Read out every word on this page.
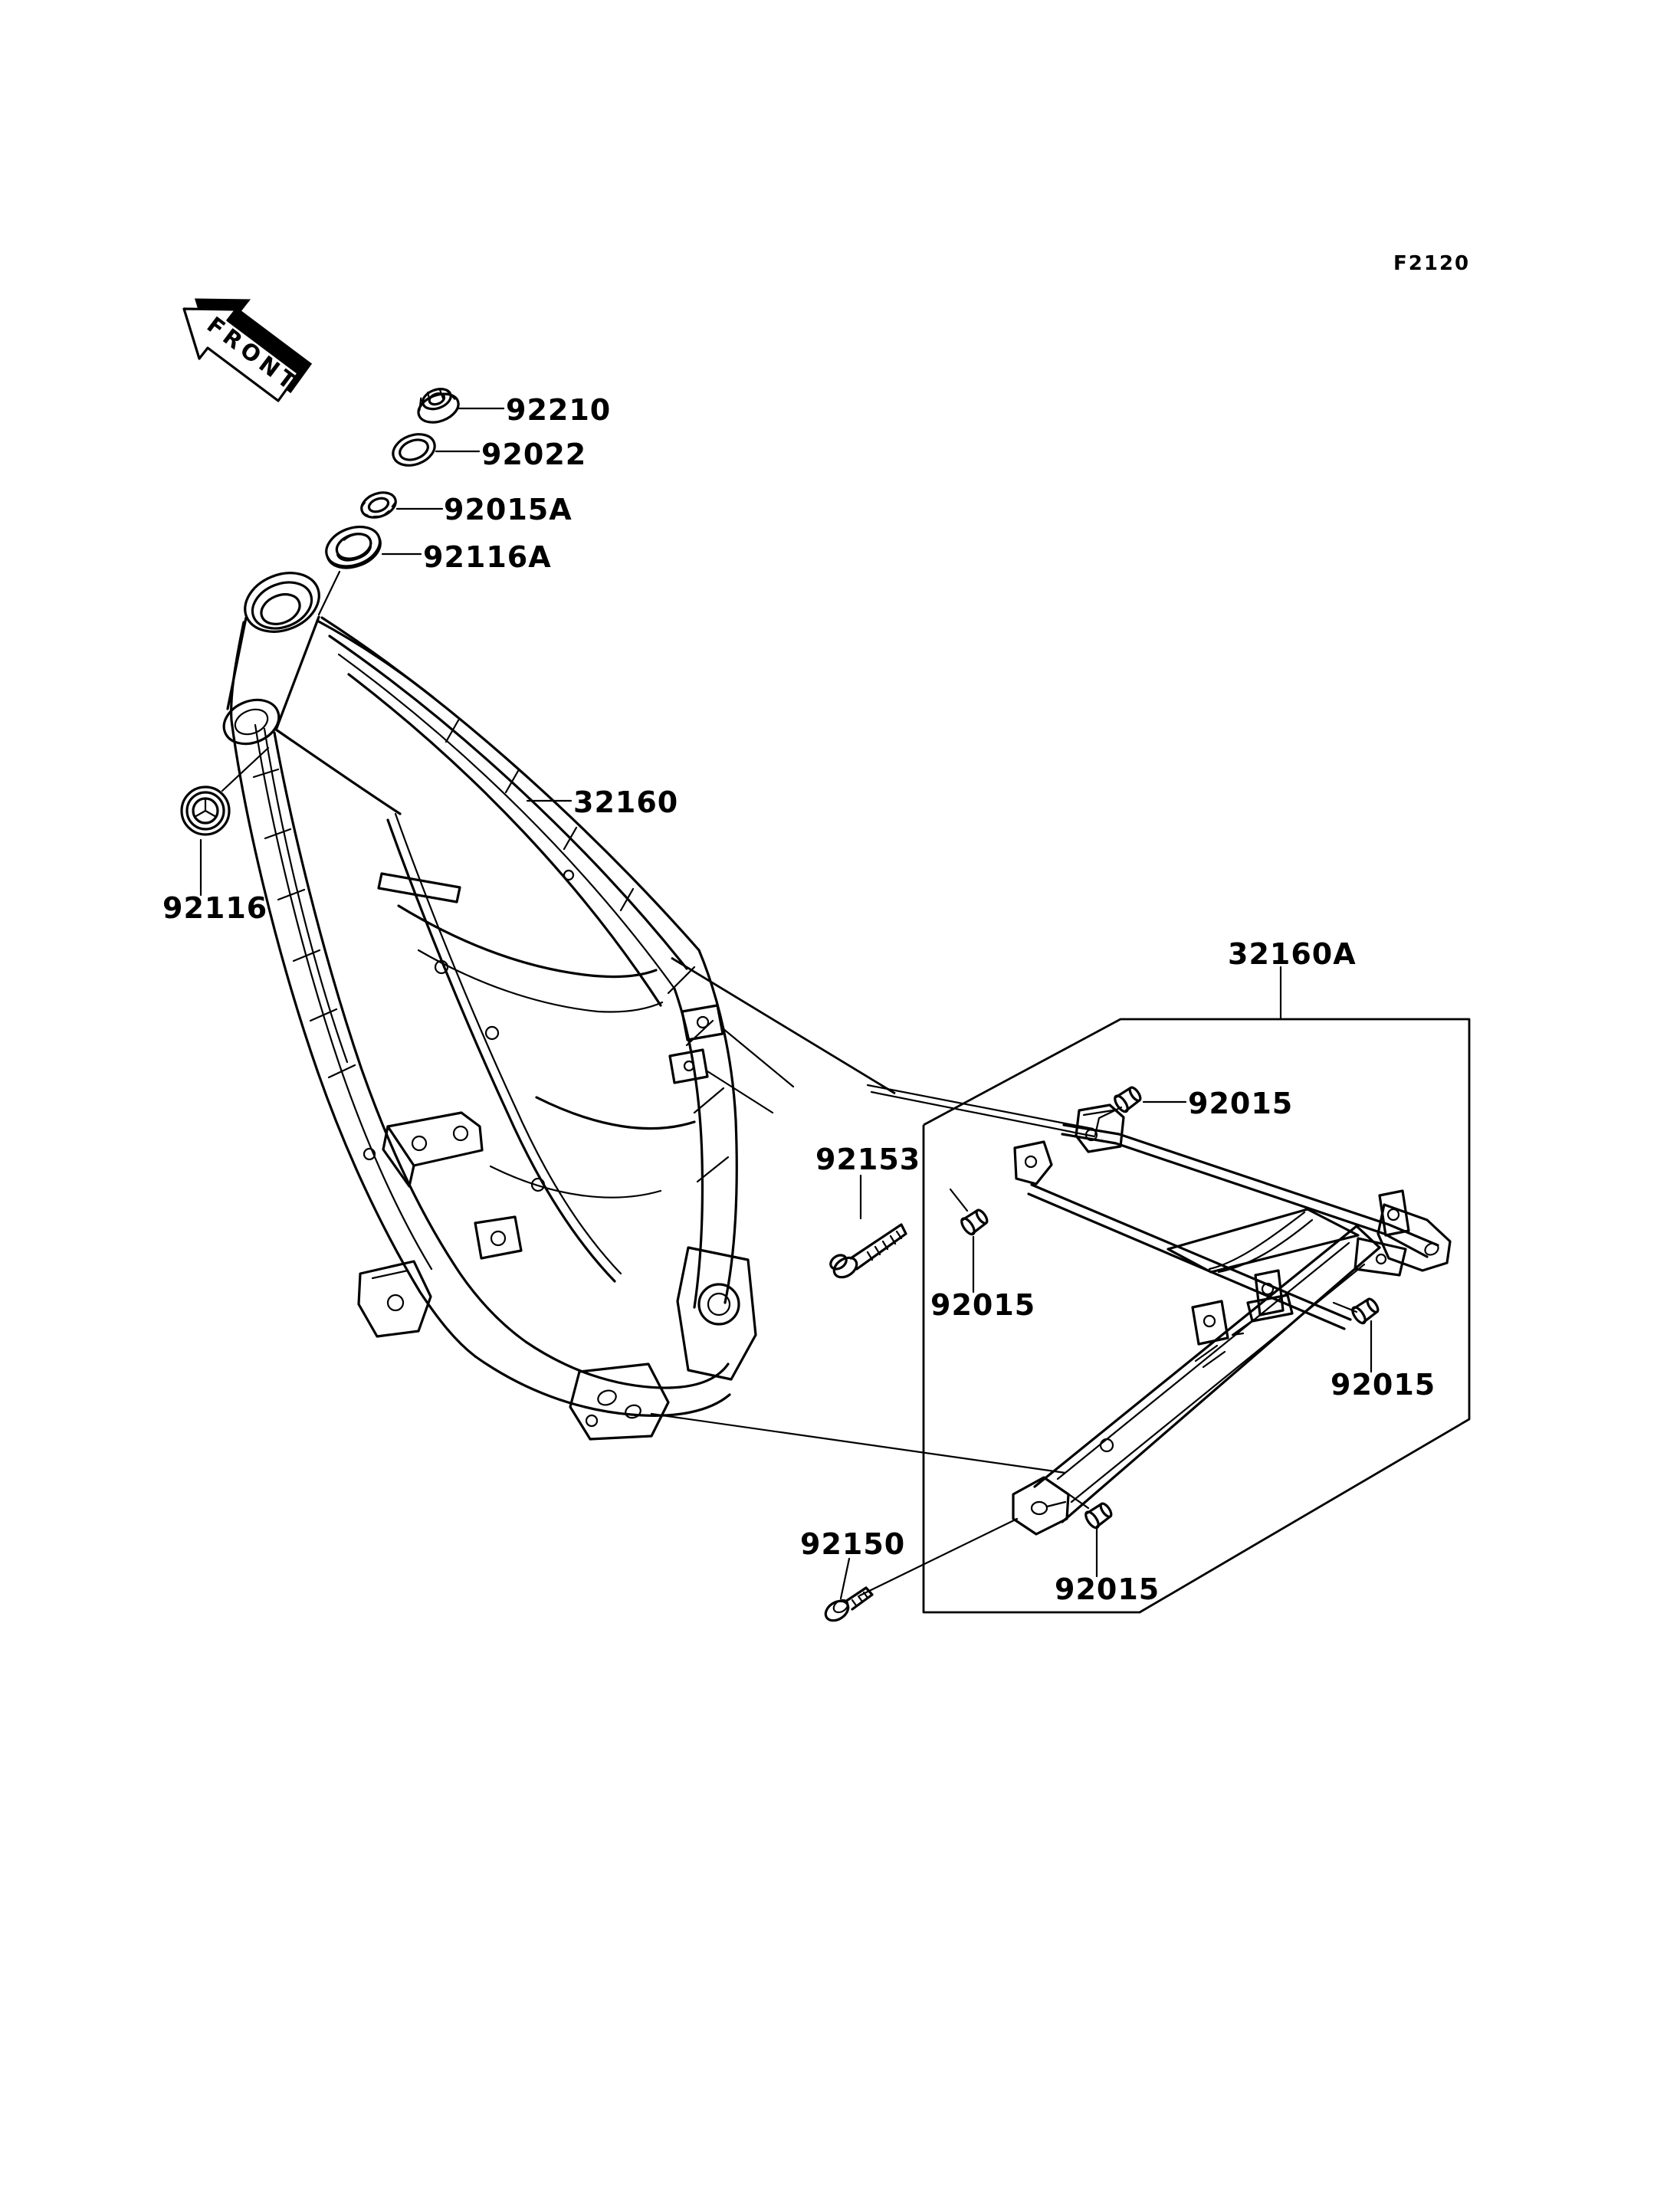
FRONT
F2120
92210
92022
92015A
92116A
32160
92116
32160A
92015
92153
92015
92015
92150
92015
